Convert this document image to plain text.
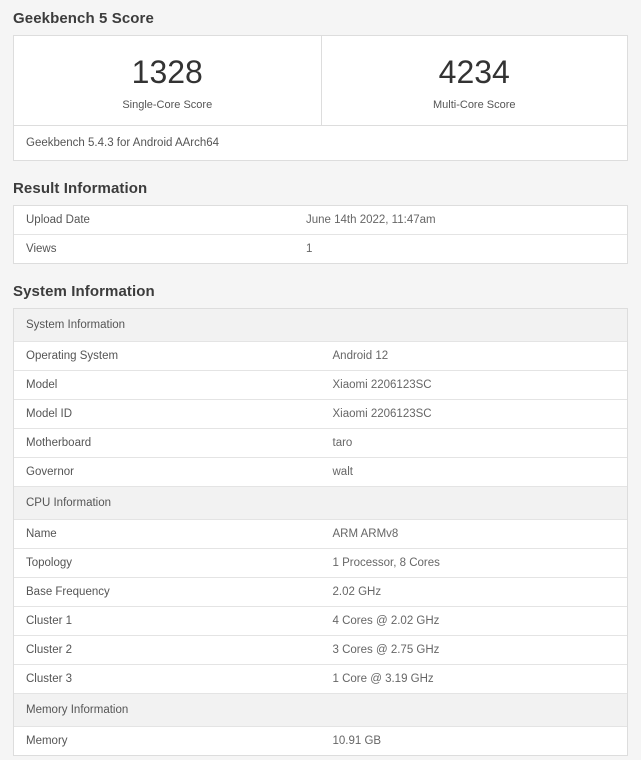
Geekbench 5 Score
1328
Single-Core Score
4234
Multi-Core Score
Geekbench 5.4.3 for Android AArch64
Result Information
Upload Date	June 14th 2022, 11:47am
Views	1
System Information
System Information	
Operating System	Android 12
Model	Xiaomi 2206123SC
Model ID	Xiaomi 2206123SC
Motherboard	taro
Governor	walt
CPU Information	
Name	ARM ARMv8
Topology	1 Processor, 8 Cores
Base Frequency	2.02 GHz
Cluster 1	4 Cores @ 2.02 GHz
Cluster 2	3 Cores @ 2.75 GHz
Cluster 3	1 Core @ 3.19 GHz
Memory Information	
Memory	10.91 GB
